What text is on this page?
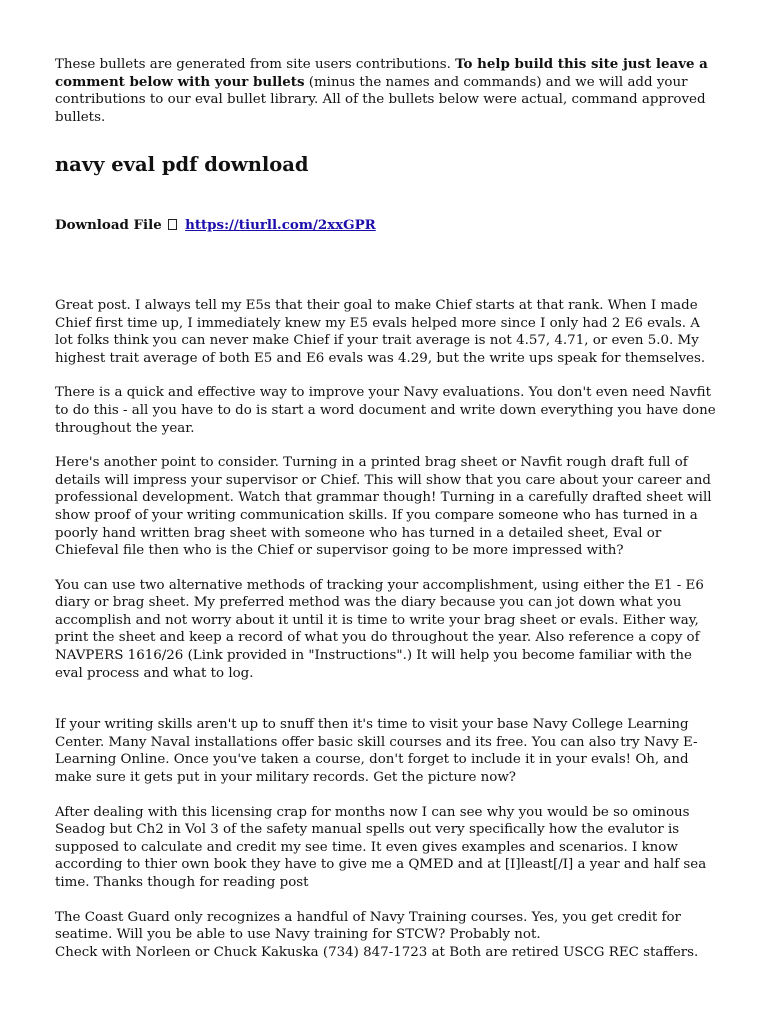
These bullets are generated from site users contributions. To help build this site just leave a comment below with your bullets (minus the names and commands) and we will add your contributions to our eval bullet library. All of the bullets below were actual, command approved bullets.

navy eval pdf download

Download File https://tiurll.com/2xxGPR

Great post. I always tell my E5s that their goal to make Chief starts at that rank. When I made Chief first time up, I immediately knew my E5 evals helped more since I only had 2 E6 evals. A lot folks think you can never make Chief if your trait average is not 4.57, 4.71, or even 5.0. My highest trait average of both E5 and E6 evals was 4.29, but the write ups speak for themselves.

There is a quick and effective way to improve your Navy evaluations. You don't even need Navfit to do this - all you have to do is start a word document and write down everything you have done throughout the year.

Here's another point to consider. Turning in a printed brag sheet or Navfit rough draft full of details will impress your supervisor or Chief. This will show that you care about your career and professional development. Watch that grammar though! Turning in a carefully drafted sheet will show proof of your writing communication skills. If you compare someone who has turned in a poorly hand written brag sheet with someone who has turned in a detailed sheet, Eval or Chiefeval file then who is the Chief or supervisor going to be more impressed with?

You can use two alternative methods of tracking your accomplishment, using either the E1 - E6 diary or brag sheet. My preferred method was the diary because you can jot down what you accomplish and not worry about it until it is time to write your brag sheet or evals. Either way, print the sheet and keep a record of what you do throughout the year. Also reference a copy of NAVPERS 1616/26 (Link provided in "Instructions".) It will help you become familiar with the eval process and what to log.

If your writing skills aren't up to snuff then it's time to visit your base Navy College Learning Center. Many Naval installations offer basic skill courses and its free. You can also try Navy E-Learning Online. Once you've taken a course, don't forget to include it in your evals! Oh, and make sure it gets put in your military records. Get the picture now?

After dealing with this licensing crap for months now I can see why you would be so ominous Seadog but Ch2 in Vol 3 of the safety manual spells out very specifically how the evalutor is supposed to calculate and credit my see time. It even gives examples and scenarios. I know according to thier own book they have to give me a QMED and at [I]least[/I] a year and half sea time. Thanks though for reading post

The Coast Guard only recognizes a handful of Navy Training courses. Yes, you get credit for seatime. Will you be able to use Navy training for STCW? Probably not.

Check with Norleen or Chuck Kakuska (734) 847-1723 at Both are retired USCG REC staffers.
